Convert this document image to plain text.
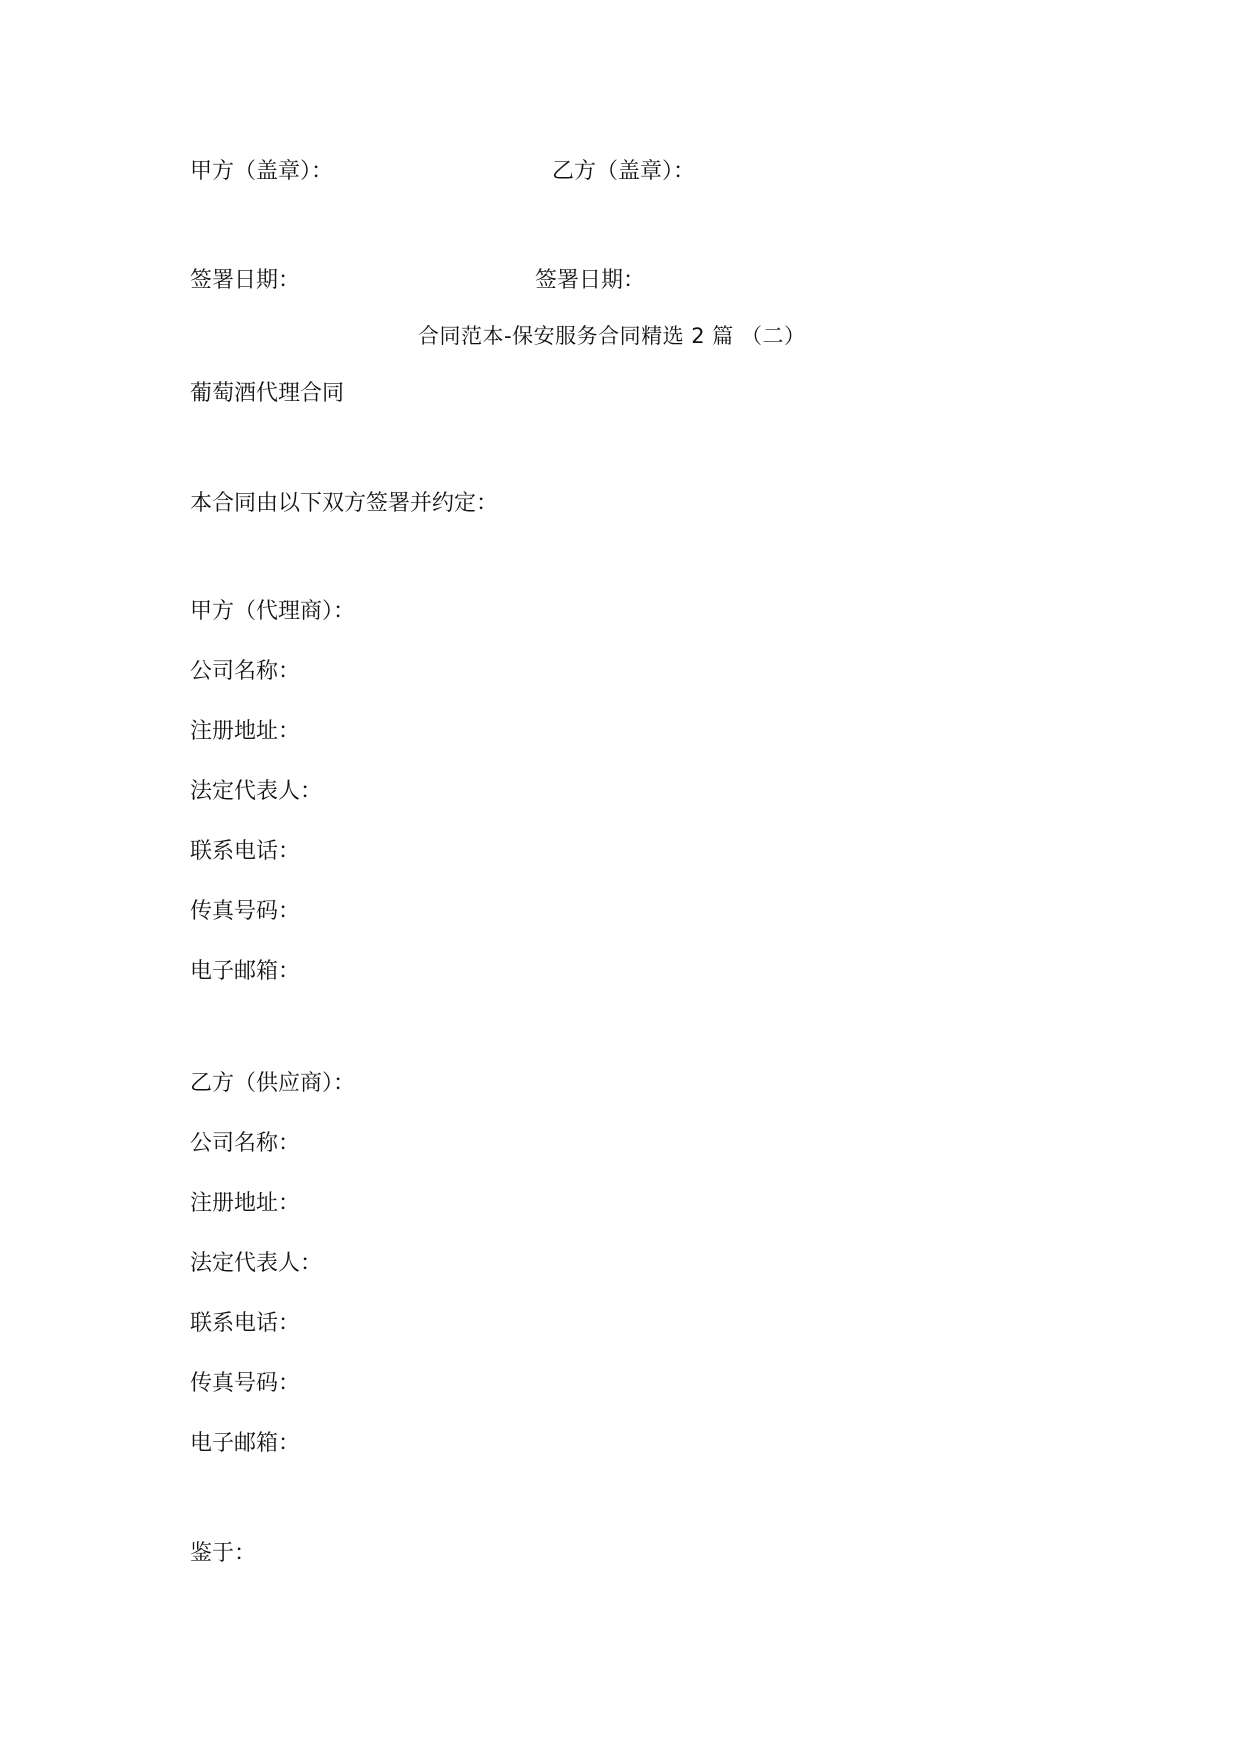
甲方（盖章）：	乙方（盖章）：
签署日期：	签署日期：
合同范本-保安服务合同精选 2 篇 （二）
葡萄酒代理合同
本合同由以下双方签署并约定：
甲方（代理商）：
公司名称：
注册地址：
法定代表人：
联系电话：
传真号码：
电子邮箱：
乙方（供应商）：
公司名称：
注册地址：
法定代表人：
联系电话：
传真号码：
电子邮箱：
鉴于：
